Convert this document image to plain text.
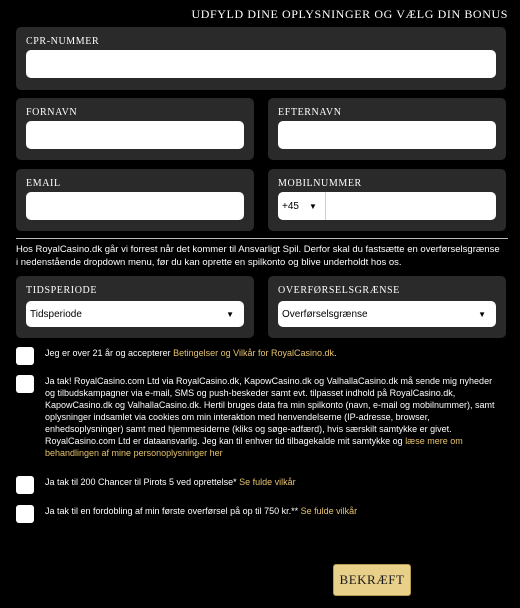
UDFYLD DINE OPLYSNINGER OG VÆLG DIN BONUS
CPR-NUMMER
FORNAVN	EFTERNAVN
EMAIL	MOBILNUMMER
+45 ▼
Hos RoyalCasino.dk går vi forrest når det kommer til Ansvarligt Spil. Derfor skal du fastsætte en overførselsgrænse i nedenstående dropdown menu, før du kan oprette en spilkonto og blive underholdt hos os.
TIDSPERIODE
Tidsperiode	▼
OVERFØRSELSGRÆNSE
Overførselsgrænse	▼
Jeg er over 21 år og accepterer Betingelser og Vilkår for RoyalCasino.dk.
Ja tak! RoyalCasino.com Ltd via RoyalCasino.dk, KapowCasino.dk og ValhallaCasino.dk må sende mig nyheder og tilbudskampagner via e-mail, SMS og push-beskeder samt evt. tilpasset indhold på RoyalCasino.dk, KapowCasino.dk og ValhallaCasino.dk. Hertil bruges data fra min spilkonto (navn, e-mail og mobilnummer), samt oplysninger indsamlet via cookies om min interaktion med henvendelserne (IP-adresse, browser, enhedsoplysninger) samt med hjemmesiderne (kliks og søge-adfærd), hvis særskilt samtykke er givet. RoyalCasino.com Ltd er dataansvarlig. Jeg kan til enhver tid tilbagekalde mit samtykke og læse mere om behandlingen af mine personoplysninger her
Ja tak til 200 Chancer til Pirots 5 ved oprettelse* Se fulde vilkår
Ja tak til en fordobling af min første overførsel på op til 750 kr.** Se fulde vilkår
BEKRÆFT
